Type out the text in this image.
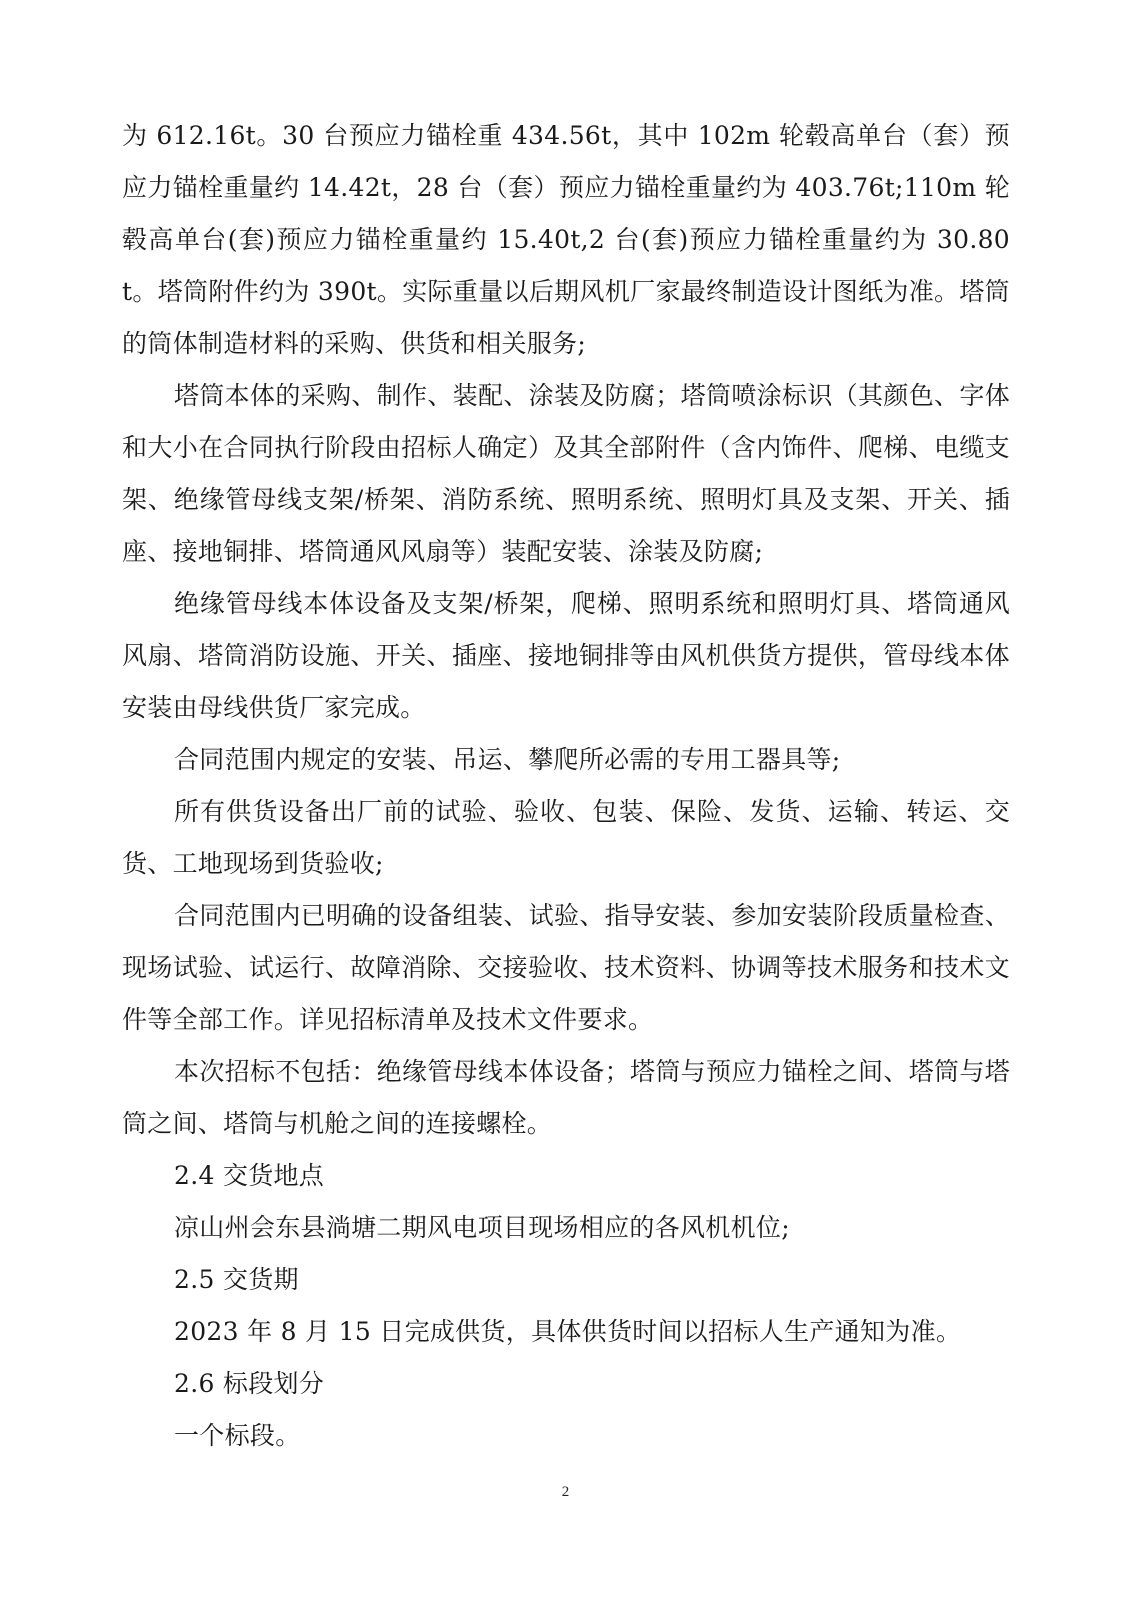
为 612.16t。30 台预应力锚栓重 434.56t，其中 102m 轮毂高单台（套）预应力锚栓重量约 14.42t，28 台（套）预应力锚栓重量约为 403.76t;110m 轮毂高单台(套)预应力锚栓重量约 15.40t,2 台(套)预应力锚栓重量约为 30.80t。塔筒附件约为 390t。实际重量以后期风机厂家最终制造设计图纸为准。塔筒的筒体制造材料的采购、供货和相关服务;

塔筒本体的采购、制作、装配、涂装及防腐；塔筒喷涂标识（其颜色、字体和大小在合同执行阶段由招标人确定）及其全部附件（含内饰件、爬梯、电缆支架、绝缘管母线支架/桥架、消防系统、照明系统、照明灯具及支架、开关、插座、接地铜排、塔筒通风风扇等）装配安装、涂装及防腐;

绝缘管母线本体设备及支架/桥架，爬梯、照明系统和照明灯具、塔筒通风风扇、塔筒消防设施、开关、插座、接地铜排等由风机供货方提供，管母线本体安装由母线供货厂家完成。

合同范围内规定的安装、吊运、攀爬所必需的专用工器具等;

所有供货设备出厂前的试验、验收、包装、保险、发货、运输、转运、交货、工地现场到货验收;

合同范围内已明确的设备组装、试验、指导安装、参加安装阶段质量检查、现场试验、试运行、故障消除、交接验收、技术资料、协调等技术服务和技术文件等全部工作。详见招标清单及技术文件要求。

本次招标不包括：绝缘管母线本体设备；塔筒与预应力锚栓之间、塔筒与塔筒之间、塔筒与机舱之间的连接螺栓。

2.4 交货地点

凉山州会东县淌塘二期风电项目现场相应的各风机机位;

2.5 交货期

2023 年 8 月 15 日完成供货，具体供货时间以招标人生产通知为准。

2.6 标段划分

一个标段。

2
